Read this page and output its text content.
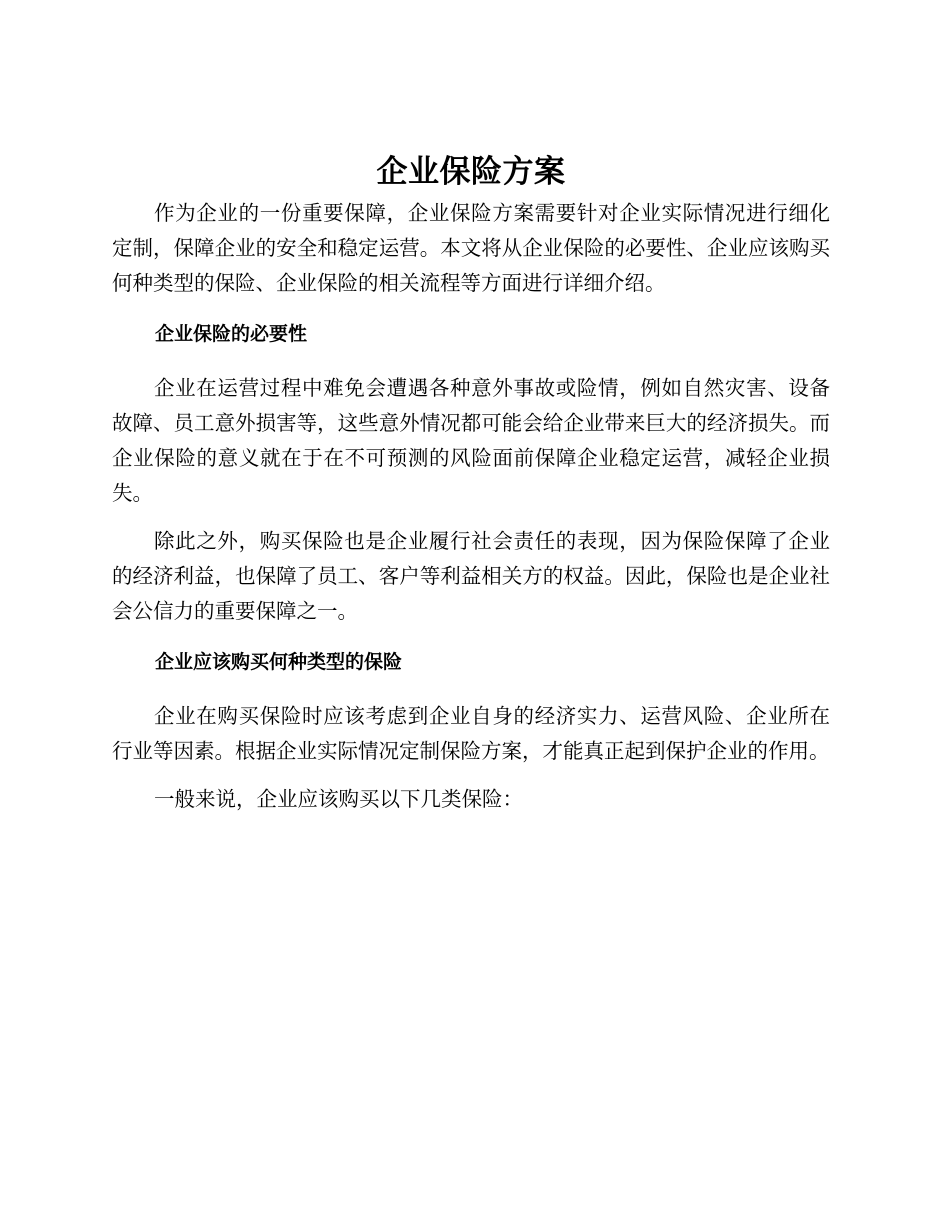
企业保险方案

作为企业的一份重要保障，企业保险方案需要针对企业实际情况进行细化定制，保障企业的安全和稳定运营。本文将从企业保险的必要性、企业应该购买何种类型的保险、企业保险的相关流程等方面进行详细介绍。

企业保险的必要性

企业在运营过程中难免会遭遇各种意外事故或险情，例如自然灾害、设备故障、员工意外损害等，这些意外情况都可能会给企业带来巨大的经济损失。而企业保险的意义就在于在不可预测的风险面前保障企业稳定运营，减轻企业损失。

除此之外，购买保险也是企业履行社会责任的表现，因为保险保障了企业的经济利益，也保障了员工、客户等利益相关方的权益。因此，保险也是企业社会公信力的重要保障之一。

企业应该购买何种类型的保险

企业在购买保险时应该考虑到企业自身的经济实力、运营风险、企业所在行业等因素。根据企业实际情况定制保险方案，才能真正起到保护企业的作用。

一般来说，企业应该购买以下几类保险：
